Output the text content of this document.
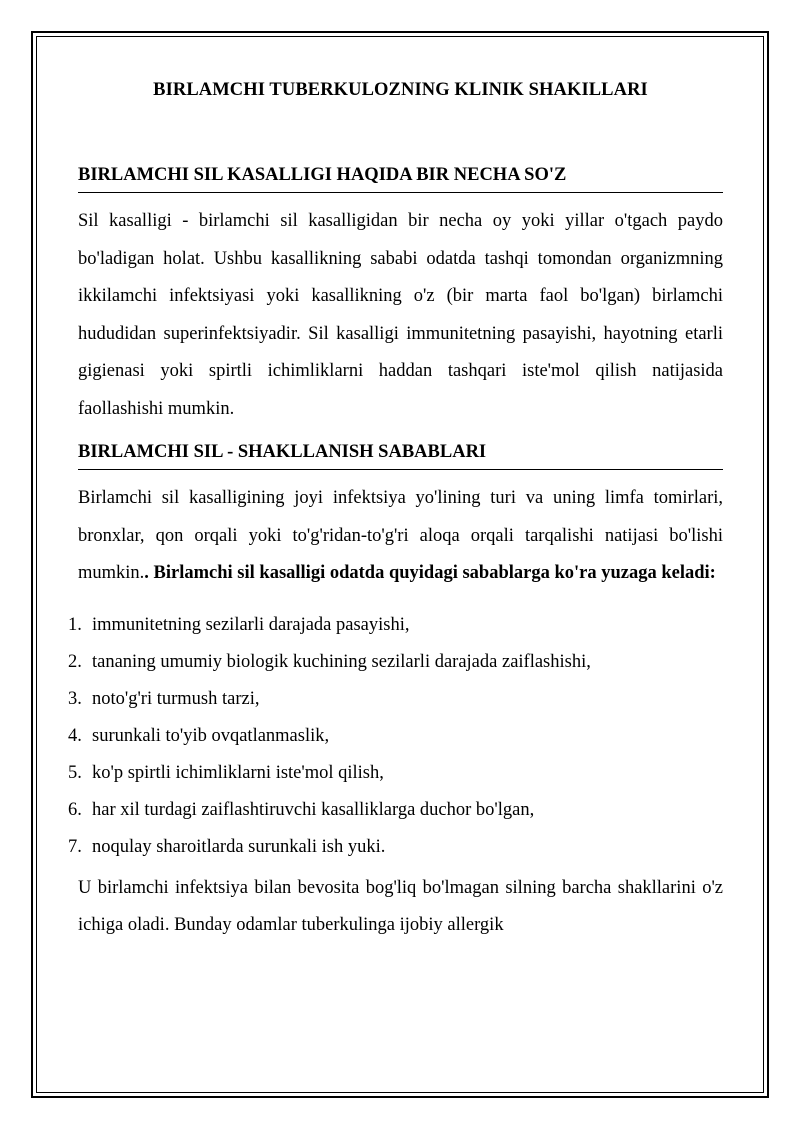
BIRLAMCHI TUBERKULOZNING KLINIK SHAKILLARI
BIRLAMCHI SIL KASALLIGI HAQIDA BIR NECHA SO'Z

Sil kasalligi - birlamchi sil kasalligidan bir necha oy yoki yillar o'tgach paydo bo'ladigan holat. Ushbu kasallikning sababi odatda tashqi tomondan organizmning ikkilamchi infektsiyasi yoki kasallikning o'z (bir marta faol bo'lgan) birlamchi hududidan superinfektsiyadir. Sil kasalligi immunitetning pasayishi, hayotning etarli gigienasi yoki spirtli ichimliklarni haddan tashqari iste'mol qilish natijasida faollashishi mumkin.

BIRLAMCHI SIL - SHAKLLANISH SABABLARI

Birlamchi sil kasalligining joyi infektsiya yo'lining turi va uning limfa tomirlari, bronxlar, qon orqali yoki to'g'ridan-to'g'ri aloqa orqali tarqalishi natijasi bo'lishi mumkin.. Birlamchi sil kasalligi odatda quyidagi sabablarga ko'ra yuzaga keladi:

1. immunitetning sezilarli darajada pasayishi,
2. tananing umumiy biologik kuchining sezilarli darajada zaiflashishi,
3. noto'g'ri turmush tarzi,
4. surunkali to'yib ovqatlanmaslik,
5. ko'p spirtli ichimliklarni iste'mol qilish,
6. har xil turdagi zaiflashtiruvchi kasalliklarga duchor bo'lgan,
7. noqulay sharoitlarda surunkali ish yuki.

U birlamchi infektsiya bilan bevosita bog'liq bo'lmagan silning barcha shakllarini o'z ichiga oladi. Bunday odamlar tuberkulinga ijobiy allergik
